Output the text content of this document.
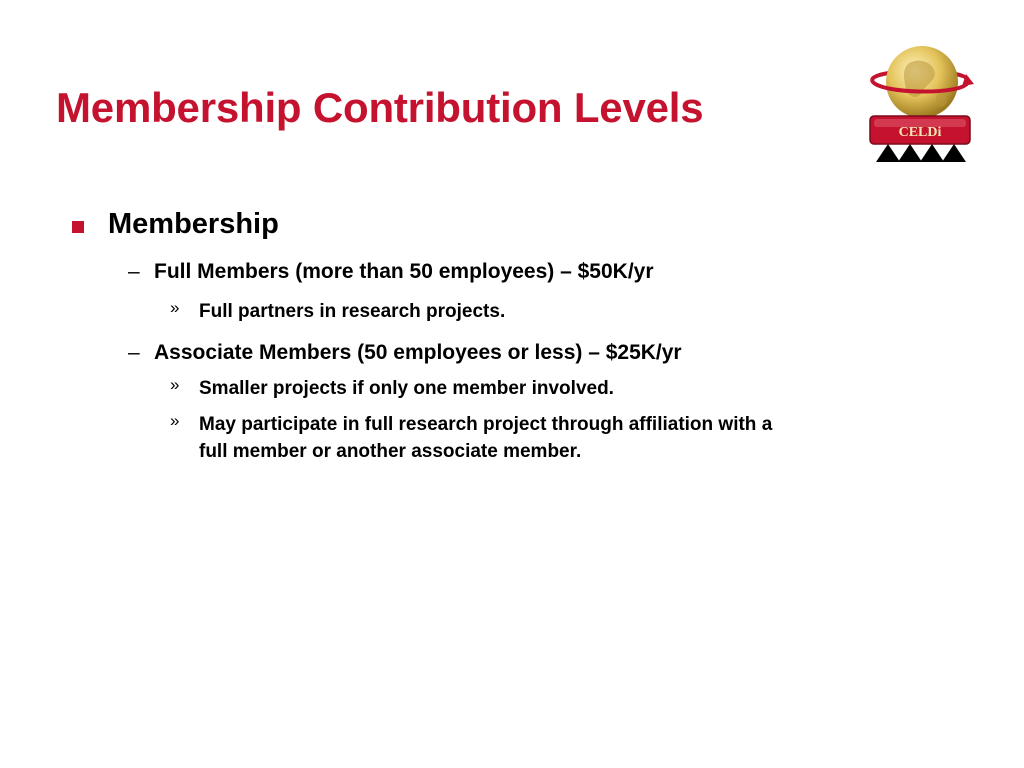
Membership Contribution Levels
CELDi
Membership
– Full Members (more than 50 employees) – $50K/yr
» Full partners in research projects.
– Associate Members (50 employees or less) – $25K/yr
» Smaller projects if only one member involved.
» May participate in full research project through affiliation with a
full member or another associate member.
